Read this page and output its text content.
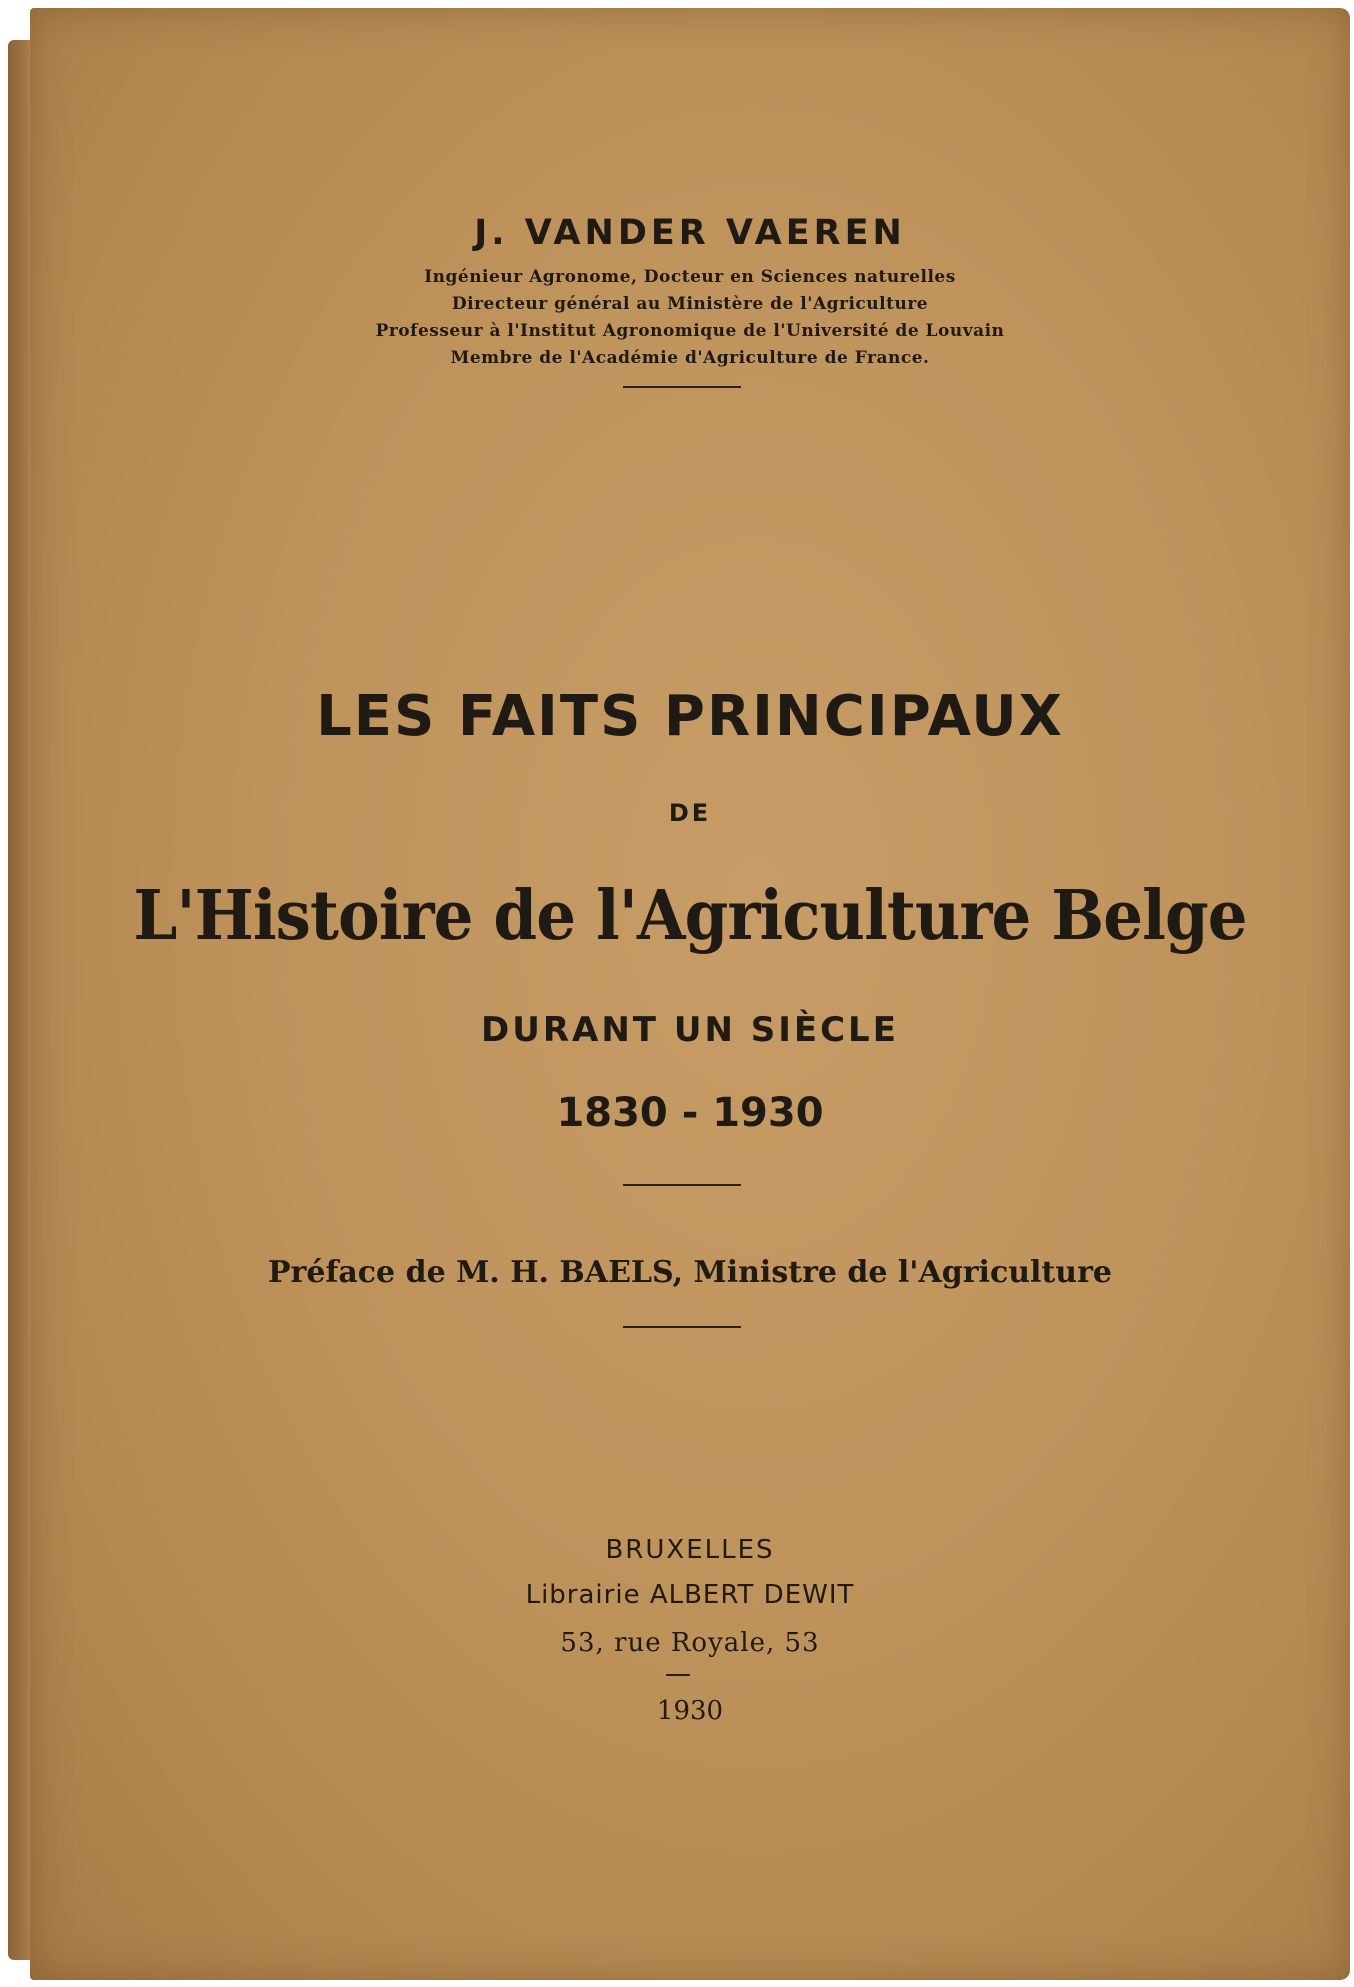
J. VANDER VAEREN
Ingénieur Agronome, Docteur en Sciences naturelles
Directeur général au Ministère de l'Agriculture
Professeur à l'Institut Agronomique de l'Université de Louvain
Membre de l'Académie d'Agriculture de France.
LES FAITS PRINCIPAUX
DE
L'Histoire de l'Agriculture Belge
DURANT UN SIÈCLE
1830 - 1930
Préface de M. H. BAELS, Ministre de l'Agriculture
BRUXELLES
Librairie ALBERT DEWIT
53, rue Royale, 53
1930
